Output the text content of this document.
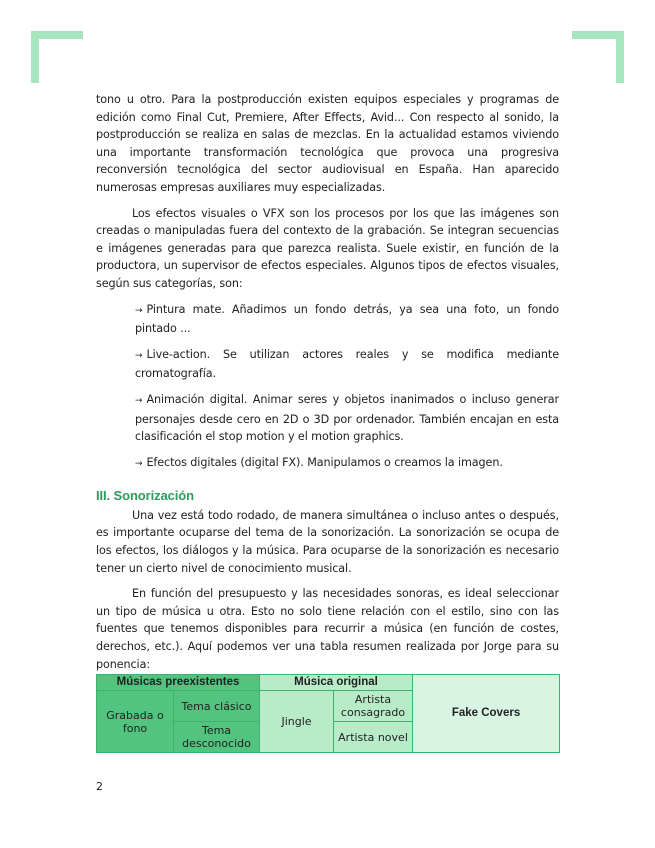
tono u otro. Para la postproducción existen equipos especiales y programas de edición como Final Cut, Premiere, After Effects, Avid... Con respecto al sonido, la postproducción se realiza en salas de mezclas. En la actualidad estamos viviendo una importante transformación tecnológica que provoca una progresiva reconversión tecnológica del sector audiovisual en España. Han aparecido numerosas empresas auxiliares muy especializadas.

Los efectos visuales o VFX son los procesos por los que las imágenes son creadas o manipuladas fuera del contexto de la grabación. Se integran secuencias e imágenes generadas para que parezca realista. Suele existir, en función de la productora, un supervisor de efectos especiales. Algunos tipos de efectos visuales, según sus categorías, son:

→ Pintura mate. Añadimos un fondo detrás, ya sea una foto, un fondo pintado ...
→ Live-action. Se utilizan actores reales y se modifica mediante cromatografía.
→ Animación digital. Animar seres y objetos inanimados o incluso generar personajes desde cero en 2D o 3D por ordenador. También encajan en esta clasificación el stop motion y el motion graphics.
→ Efectos digitales (digital FX). Manipulamos o creamos la imagen.
III. Sonorización

Una vez está todo rodado, de manera simultánea o incluso antes o después, es importante ocuparse del tema de la sonorización. La sonorización se ocupa de los efectos, los diálogos y la música. Para ocuparse de la sonorización es necesario tener un cierto nivel de conocimiento musical.

En función del presupuesto y las necesidades sonoras, es ideal seleccionar un tipo de música u otra. Esto no solo tiene relación con el estilo, sino con las fuentes que tenemos disponibles para recurrir a música (en función de costes, derechos, etc.). Aquí podemos ver una tabla resumen realizada por Jorge para su ponencia:

Músicas preexistentes		Música original		Fake Covers
Grabada o fono	Tema clásico	Jingle	Artista consagrado	
	Tema desconocido		Artista novel	
2
